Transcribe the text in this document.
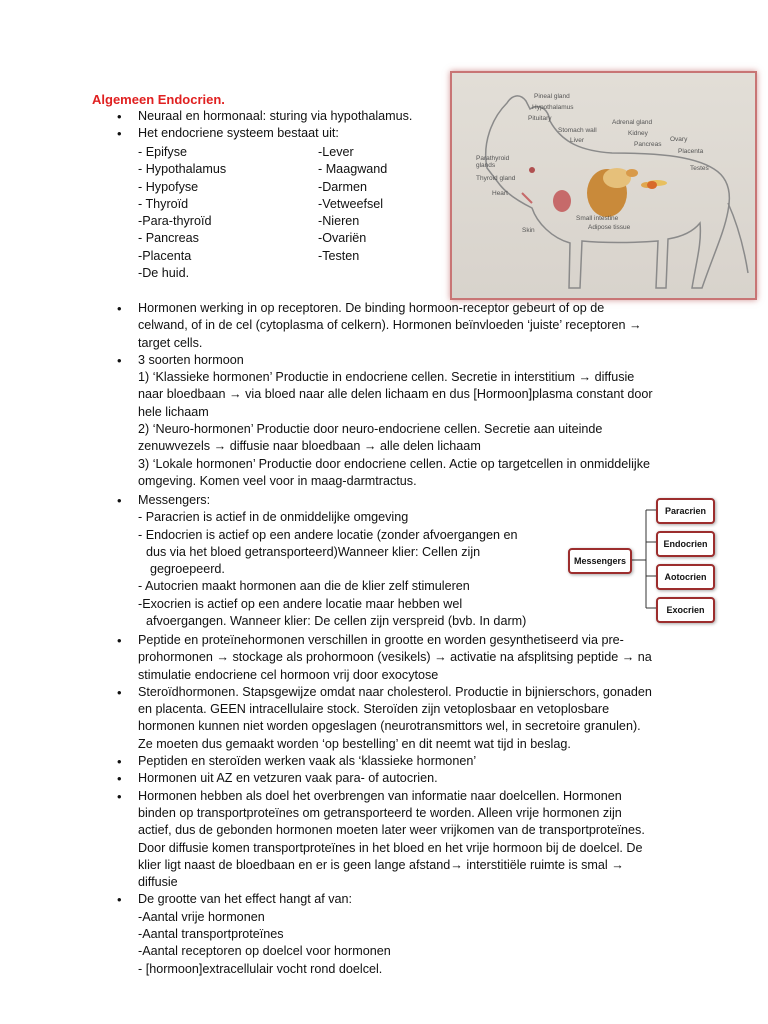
Algemeen Endocrien.

• Neuraal en hormonaal: sturing via hypothalamus.
• Het endocriene systeem bestaat uit:
- Epifyse	-Lever
- Hypothalamus	- Maagwand
- Hypofyse	-Darmen
- Thyroïd	-Vetweefsel
-Para-thyroïd	-Nieren
- Pancreas	-Ovariën
-Placenta	-Testen
-De huid.
Pineal gland
Hypothalamus
Pituitary
Stomach wall
Liver
Adrenal gland
Kidney
Pancreas
Ovary
Placenta
Testes
Parathyroid glands
Thyroid gland
Heart
Small intestine
Adipose tissue
Skin
• Hormonen werking in op receptoren. De binding hormoon-receptor gebeurt of op de
celwand, of in de cel (cytoplasma of celkern). Hormonen beïnvloeden ‘juiste’ receptoren →
target cells.
• 3 soorten hormoon
1) ‘Klassieke hormonen’ Productie in endocriene cellen. Secretie in interstitium → diffusie
naar bloedbaan → via bloed naar alle delen lichaam en dus [Hormoon]plasma constant door
hele lichaam
2) ‘Neuro-hormonen’ Productie door neuro-endocriene cellen. Secretie aan uiteinde
zenuwvezels → diffusie naar bloedbaan → alle delen lichaam
3) ‘Lokale hormonen’ Productie door endocriene cellen. Actie op targetcellen in onmiddelijke
omgeving. Komen veel voor in maag-darmtractus.
• Messengers:
- Paracrien is actief in de onmiddelijke omgeving
- Endocrien is actief op een andere locatie (zonder afvoergangen en
dus via het bloed getransporteerd)Wanneer klier: Cellen zijn
gegroepeerd.
- Autocrien maakt hormonen aan die de klier zelf stimuleren
-Exocrien is actief op een andere locatie maar hebben wel
afvoergangen. Wanneer klier: De cellen zijn verspreid (bvb. In darm)
Messengers
Paracrien
Endocrien
Aotocrien
Exocrien
• Peptide en proteïnehormonen verschillen in grootte en worden gesynthetiseerd via pre-
prohormonen → stockage als prohormoon (vesikels) → activatie na afsplitsing peptide → na
stimulatie endocriene cel hormoon vrij door exocytose
• Steroïdhormonen. Stapsgewijze omdat naar cholesterol. Productie in bijnierschors, gonaden
en placenta. GEEN intracellulaire stock. Steroïden zijn vetoplosbaar en vetoplosbare
hormonen kunnen niet worden opgeslagen (neurotransmittors wel, in secretoire granulen).
Ze moeten dus gemaakt worden ‘op bestelling’ en dit neemt wat tijd in beslag.
• Peptiden en steroïden werken vaak als ‘klassieke hormonen’
• Hormonen uit AZ en vetzuren vaak para- of autocrien.
• Hormonen hebben als doel het overbrengen van informatie naar doelcellen. Hormonen
binden op transportproteïnes om getransporteerd te worden. Alleen vrije hormonen zijn
actief, dus de gebonden hormonen moeten later weer vrijkomen van de transportproteïnes.
Door diffusie komen transportproteïnes in het bloed en het vrije hormoon bij de doelcel. De
klier ligt naast de bloedbaan en er is geen lange afstand→ interstitiële ruimte is smal →
diffusie
• De grootte van het effect hangt af van:
-Aantal vrije hormonen
-Aantal transportproteïnes
-Aantal receptoren op doelcel voor hormonen
- [hormoon]extracellulair vocht rond doelcel.
